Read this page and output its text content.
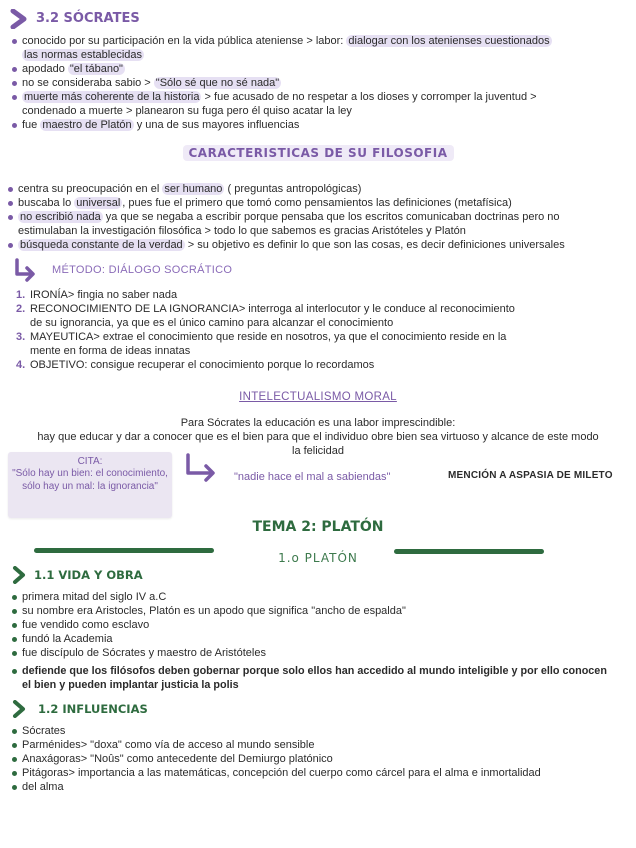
3.2 SÓCRATES
conocido por su participación en la vida pública ateniense > labor: dialogar con los atenienses cuestionados
las normas establecidas
apodado "el tábano"
no se consideraba sabio > "Sólo sé que no sé nada"
muerte más coherente de la historia > fue acusado de no respetar a los dioses y corromper la juventud >
condenado a muerte > planearon su fuga pero él quiso acatar la ley
fue maestro de Platón y una de sus mayores influencias
CARACTERISTICAS DE SU FILOSOFIA
centra su preocupación en el ser humano ( preguntas antropológicas)
buscaba lo universal , pues fue el primero que tomó como pensamientos las definiciones (metafísica)
no escribió nada ya que se negaba a escribir porque pensaba que los escritos comunicaban doctrinas pero no
estimulaban la investigación filosófica > todo lo que sabemos es gracias Aristóteles y Platón
búsqueda constante de la verdad > su objetivo es definir lo que son las cosas, es decir definiciones universales
MÉTODO: DIÁLOGO SOCRÁTICO
1. IRONÍA> fingia no saber nada
2. RECONOCIMIENTO DE LA IGNORANCIA> interroga al interlocutor y le conduce al reconocimiento
de su ignorancia, ya que es el único camino para alcanzar el conocimiento
3. MAYEUTICA> extrae el conocimiento que reside en nosotros, ya que el conocimiento reside en la
mente en forma de ideas innatas
4. OBJETIVO: consigue recuperar el conocimiento porque lo recordamos
INTELECTUALISMO MORAL
Para Sócrates la educación es una labor imprescindible:
hay que educar y dar a conocer que es el bien para que el individuo obre bien sea virtuoso y alcance de este modo
la felicidad
CITA:
"Sólo hay un bien: el conocimiento, sólo hay un mal: la ignorancia"
"nadie hace el mal a sabiendas"	MENCIÓN A ASPASIA DE MILETO
TEMA 2: PLATÓN
1.o PLATÓN
1.1 VIDA Y OBRA
primera mitad del siglo IV a.C
su nombre era Aristocles, Platón es un apodo que significa "ancho de espalda"
fue vendido como esclavo
fundó la Academia
fue discípulo de Sócrates y maestro de Aristóteles
defiende que los filósofos deben gobernar porque solo ellos han accedido al mundo inteligible y por ello conocen
el bien y pueden implantar justicia la polis
1.2 INFLUENCIAS
Sócrates
Parménides> "doxa" como vía de acceso al mundo sensible
Anaxágoras> "Noûs" como antecedente del Demiurgo platónico
Pitágoras> importancia a las matemáticas, concepción del cuerpo como cárcel para el alma e inmortalidad
del alma
